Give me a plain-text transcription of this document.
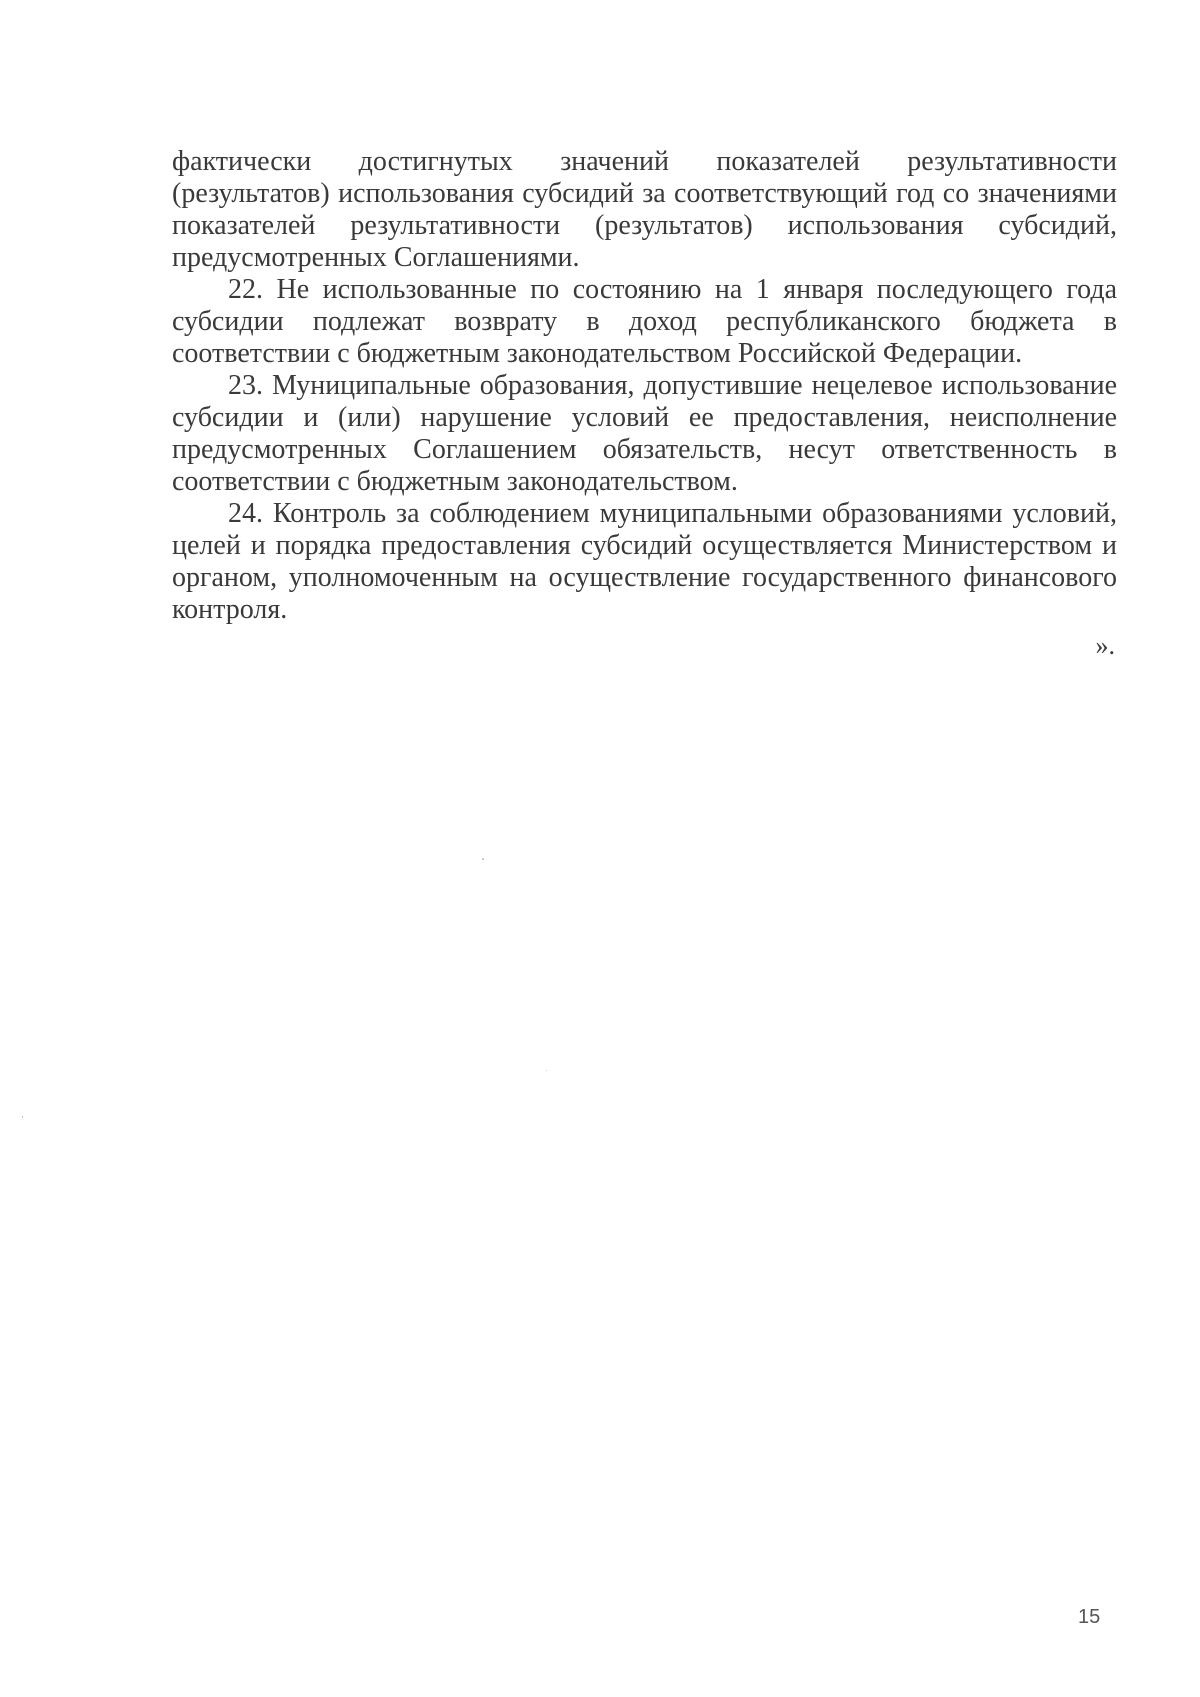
фактически достигнутых значений показателей результативности (результатов) использования субсидий за соответствующий год со значениями показателей результативности (результатов) использования субсидий, предусмотренных Соглашениями.

22. Не использованные по состоянию на 1 января последующего года субсидии подлежат возврату в доход республиканского бюджета в соответствии с бюджетным законодательством Российской Федерации.

23. Муниципальные образования, допустившие нецелевое использование субсидии и (или) нарушение условий ее предоставления, неисполнение предусмотренных Соглашением обязательств, несут ответственность в соответствии с бюджетным законодательством.

24. Контроль за соблюдением муниципальными образованиями условий, целей и порядка предоставления субсидий осуществляется Министерством и органом, уполномоченным на осуществление государственного финансового контроля.

».
15
